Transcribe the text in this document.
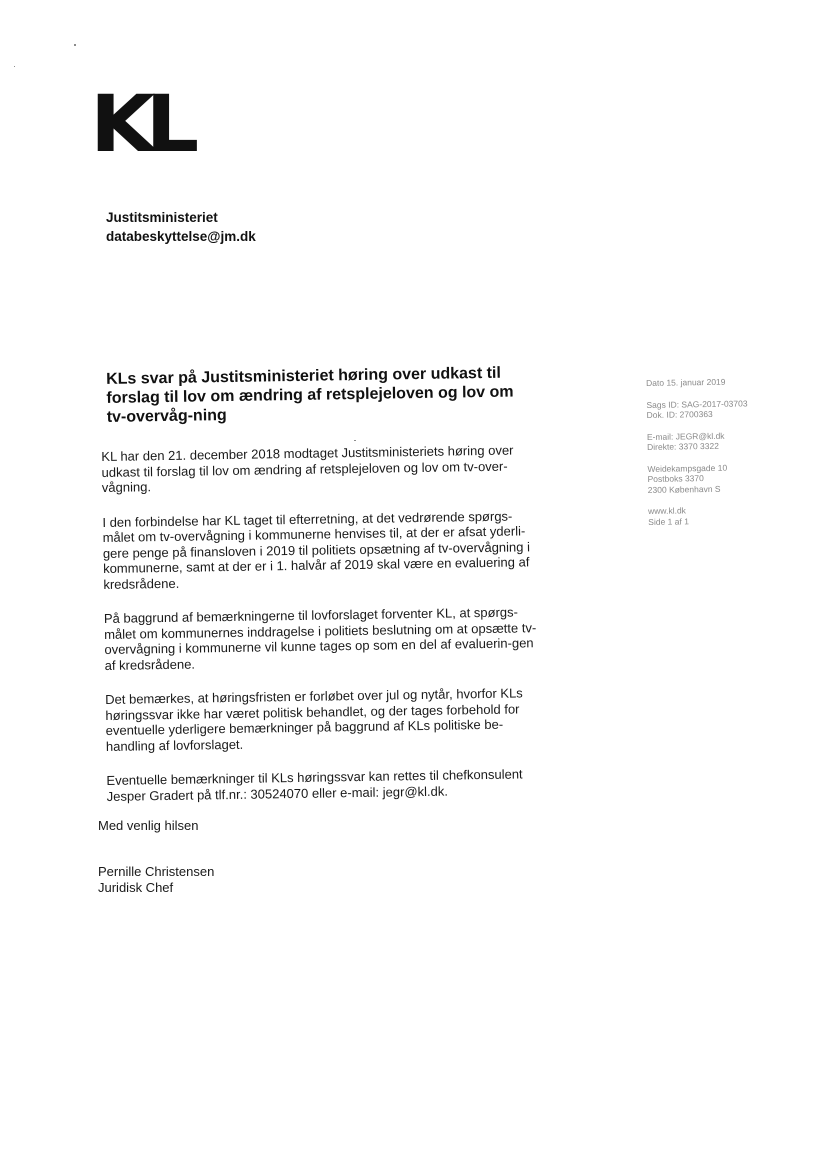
KL
Justitsministeriet
databeskyttelse@jm.dk
KLs svar på Justitsministeriet høring over udkast til forslag til lov om ændring af retsplejeloven og lov om tv-overvåg-ning

KL har den 21. december 2018 modtaget Justitsministeriets høring over udkast til forslag til lov om ændring af retsplejeloven og lov om tv-over-vågning.

I den forbindelse har KL taget til efterretning, at det vedrørende spørgs-målet om tv-overvågning i kommunerne henvises til, at der er afsat yderli-gere penge på finansloven i 2019 til politiets opsætning af tv-overvågning i kommunerne, samt at der er i 1. halvår af 2019 skal være en evaluering af kredsrådene.

På baggrund af bemærkningerne til lovforslaget forventer KL, at spørgs-målet om kommunernes inddragelse i politiets beslutning om at opsætte tv-overvågning i kommunerne vil kunne tages op som en del af evaluerin-gen af kredsrådene.

Det bemærkes, at høringsfristen er forløbet over jul og nytår, hvorfor KLs høringssvar ikke har været politisk behandlet, og der tages forbehold for eventuelle yderligere bemærkninger på baggrund af KLs politiske be-handling af lovforslaget.

Eventuelle bemærkninger til KLs høringssvar kan rettes til chefkonsulent Jesper Gradert på tlf.nr.: 30524070 eller e-mail: jegr@kl.dk.

Med venlig hilsen
Pernille Christensen
Juridisk Chef
Dato 15. januar 2019
Sags ID: SAG-2017-03703
Dok. ID: 2700363
E-mail: JEGR@kl.dk
Direkte: 3370 3322
Weidekampsgade 10
Postboks 3370
2300 København S
www.kl.dk
Side 1 af 1
